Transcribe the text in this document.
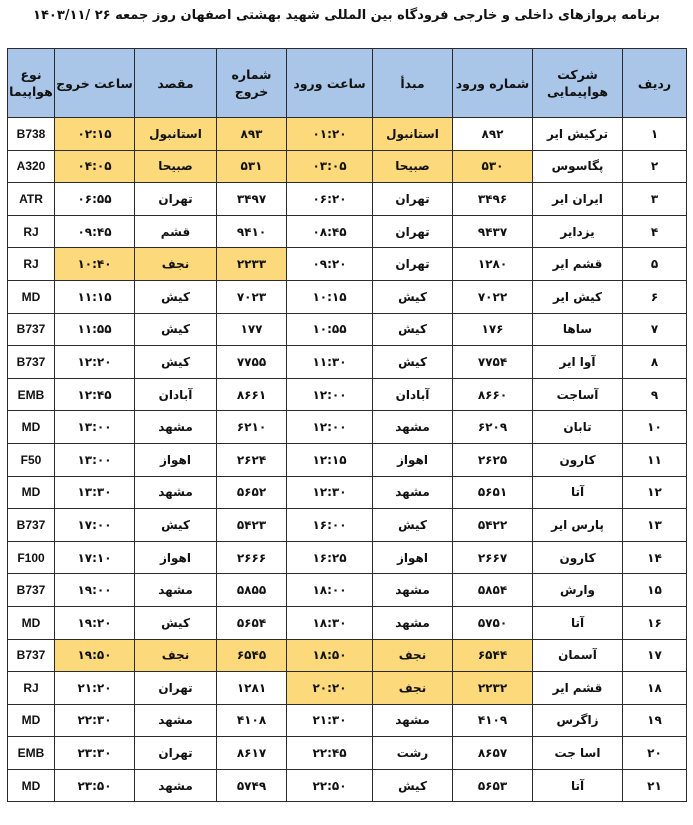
برنامه پروازهای داخلی و خارجی فرودگاه بین المللی شهید بهشتی اصفهان روز جمعه ۲۶ /۱۴۰۳/۱۱
ردیف	شرکت هواپیمایی	شماره ورود	مبدأ	ساعت ورود	شماره خروج	مقصد	ساعت خروج	نوع هواپیما
۱	ترکیش ایر	۸۹۲	استانبول	۰۱:۲۰	۸۹۳	استانبول	۰۲:۱۵	B738
۲	پگاسوس	۵۳۰	صبیحا	۰۳:۰۵	۵۳۱	صبیحا	۰۴:۰۵	A320
۳	ایران ایر	۳۴۹۶	تهران	۰۶:۲۰	۳۴۹۷	تهران	۰۶:۵۵	ATR
۴	یزدایر	۹۴۳۷	تهران	۰۸:۴۵	۹۴۱۰	قشم	۰۹:۴۵	RJ
۵	قشم ایر	۱۲۸۰	تهران	۰۹:۲۰	۲۲۳۳	نجف	۱۰:۴۰	RJ
۶	کیش ایر	۷۰۲۲	کیش	۱۰:۱۵	۷۰۲۳	کیش	۱۱:۱۵	MD
۷	ساها	۱۷۶	کیش	۱۰:۵۵	۱۷۷	کیش	۱۱:۵۵	B737
۸	آوا ایر	۷۷۵۴	کیش	۱۱:۳۰	۷۷۵۵	کیش	۱۲:۲۰	B737
۹	آساجت	۸۶۶۰	آبادان	۱۲:۰۰	۸۶۶۱	آبادان	۱۲:۴۵	EMB
۱۰	تابان	۶۲۰۹	مشهد	۱۲:۰۰	۶۲۱۰	مشهد	۱۳:۰۰	MD
۱۱	کارون	۲۶۲۵	اهواز	۱۲:۱۵	۲۶۲۴	اهواز	۱۳:۰۰	F50
۱۲	آتا	۵۶۵۱	مشهد	۱۲:۳۰	۵۶۵۲	مشهد	۱۳:۳۰	MD
۱۳	پارس ایر	۵۴۲۲	کیش	۱۶:۰۰	۵۴۲۳	کیش	۱۷:۰۰	B737
۱۴	کارون	۲۶۶۷	اهواز	۱۶:۲۵	۲۶۶۶	اهواز	۱۷:۱۰	F100
۱۵	وارش	۵۸۵۴	مشهد	۱۸:۰۰	۵۸۵۵	مشهد	۱۹:۰۰	B737
۱۶	آتا	۵۷۵۰	مشهد	۱۸:۳۰	۵۶۵۴	کیش	۱۹:۲۰	MD
۱۷	آسمان	۶۵۴۴	نجف	۱۸:۵۰	۶۵۴۵	نجف	۱۹:۵۰	B737
۱۸	قشم ایر	۲۲۳۲	نجف	۲۰:۲۰	۱۲۸۱	تهران	۲۱:۲۰	RJ
۱۹	زاگرس	۴۱۰۹	مشهد	۲۱:۳۰	۴۱۰۸	مشهد	۲۲:۳۰	MD
۲۰	اسا جت	۸۶۵۷	رشت	۲۲:۴۵	۸۶۱۷	تهران	۲۳:۳۰	EMB
۲۱	آتا	۵۶۵۳	کیش	۲۲:۵۰	۵۷۴۹	مشهد	۲۳:۵۰	MD
